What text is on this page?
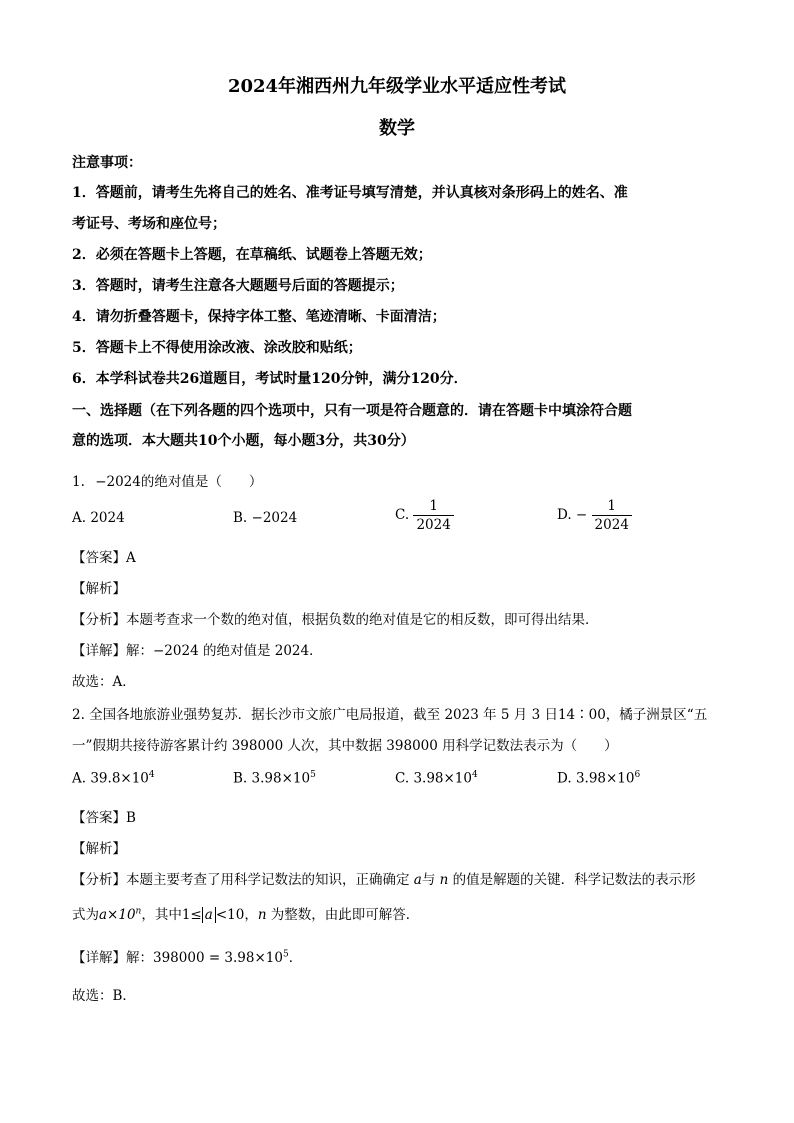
2024年湘西州九年级学业水平适应性考试
数学
注意事项：
1．答题前，请考生先将自己的姓名、准考证号填写清楚，并认真核对条形码上的姓名、准
考证号、考场和座位号；
2．必须在答题卡上答题，在草稿纸、试题卷上答题无效；
3．答题时，请考生注意各大题题号后面的答题提示；
4．请勿折叠答题卡，保持字体工整、笔迹清晰、卡面清洁；
5．答题卡上不得使用涂改液、涂改胶和贴纸；
6．本学科试卷共26道题目，考试时量120分钟，满分120分．
一、选择题（在下列各题的四个选项中，只有一项是符合题意的．请在答题卡中填涂符合题
意的选项．本大题共10个小题，每小题3分，共30分）
1. −2024的绝对值是（　　）
A. 2024	B. −2024	C. $\frac{1}{2024}$	D. − $\frac{1}{2024}$
【答案】A
【解析】
【分析】本题考查求一个数的绝对值，根据负数的绝对值是它的相反数，即可得出结果．
【详解】解：−2024 的绝对值是 2024．
故选：A．
2. 全国各地旅游业强势复苏．据长沙市文旅广电局报道，截至 2023 年 5 月 3 日14∶00，橘子洲景区“五
一”假期共接待游客累计约 398000 人次，其中数据 398000 用科学记数法表示为（　　）
A. $39.8\times 10^4$	B. $3.98\times 10^5$	C. $3.98\times 10^4$	D. $3.98\times 10^6$
【答案】B
【解析】
【分析】本题主要考查了用科学记数法的知识，正确确定 a与 n 的值是解题的关键．科学记数法的表示形
式为$a\times 10^n$，其中1≤ a <10，n 为整数，由此即可解答．
【详解】解：$398000 = 3.98\times 10^5$．
故选：B．
